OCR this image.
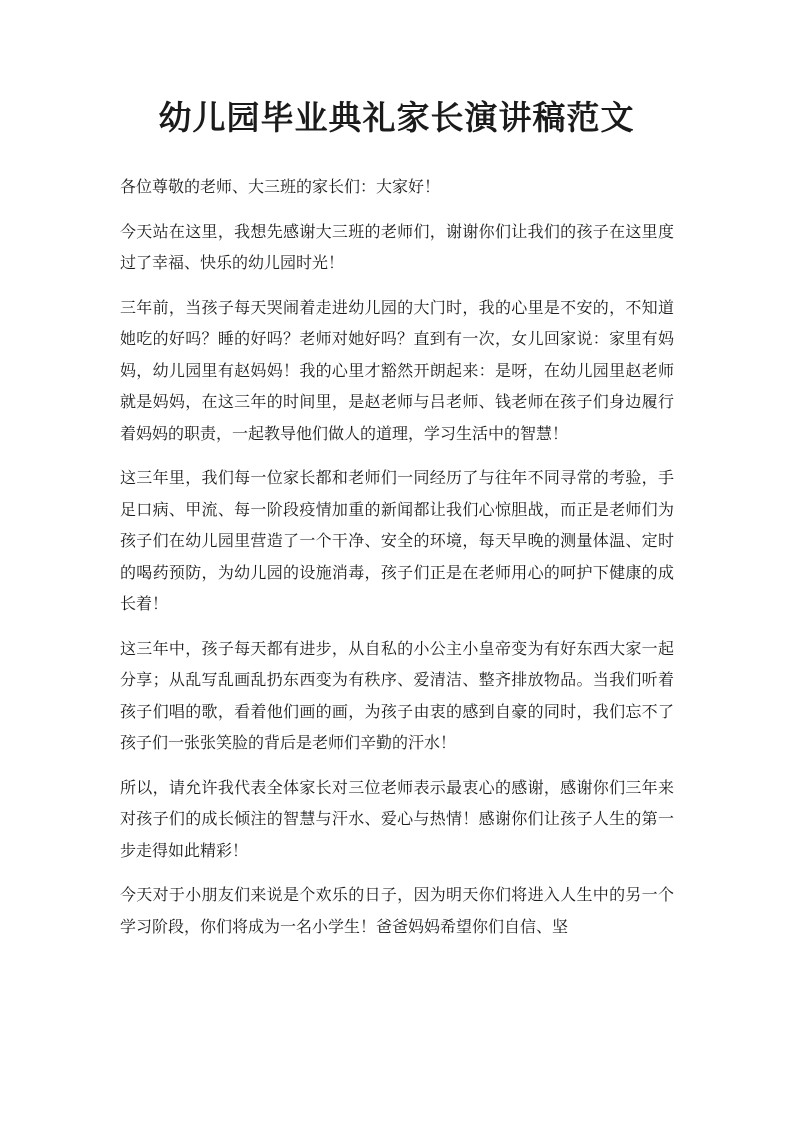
幼儿园毕业典礼家长演讲稿范文

各位尊敬的老师、大三班的家长们：大家好！

今天站在这里，我想先感谢大三班的老师们，谢谢你们让我们的孩子在这里度过了幸福、快乐的幼儿园时光！

三年前，当孩子每天哭闹着走进幼儿园的大门时，我的心里是不安的，不知道她吃的好吗？睡的好吗？老师对她好吗？直到有一次，女儿回家说：家里有妈妈，幼儿园里有赵妈妈！我的心里才豁然开朗起来：是呀，在幼儿园里赵老师就是妈妈，在这三年的时间里，是赵老师与吕老师、钱老师在孩子们身边履行着妈妈的职责，一起教导他们做人的道理，学习生活中的智慧！

这三年里，我们每一位家长都和老师们一同经历了与往年不同寻常的考验，手足口病、甲流、每一阶段疫情加重的新闻都让我们心惊胆战，而正是老师们为孩子们在幼儿园里营造了一个干净、安全的环境，每天早晚的测量体温、定时的喝药预防，为幼儿园的设施消毒，孩子们正是在老师用心的呵护下健康的成长着！

这三年中，孩子每天都有进步，从自私的小公主小皇帝变为有好东西大家一起分享；从乱写乱画乱扔东西变为有秩序、爱清洁、整齐排放物品。当我们听着孩子们唱的歌，看着他们画的画，为孩子由衷的感到自豪的同时，我们忘不了孩子们一张张笑脸的背后是老师们辛勤的汗水！

所以，请允许我代表全体家长对三位老师表示最衷心的感谢，感谢你们三年来对孩子们的成长倾注的智慧与汗水、爱心与热情！感谢你们让孩子人生的第一步走得如此精彩！

今天对于小朋友们来说是个欢乐的日子，因为明天你们将进入人生中的另一个学习阶段，你们将成为一名小学生！爸爸妈妈希望你们自信、坚
